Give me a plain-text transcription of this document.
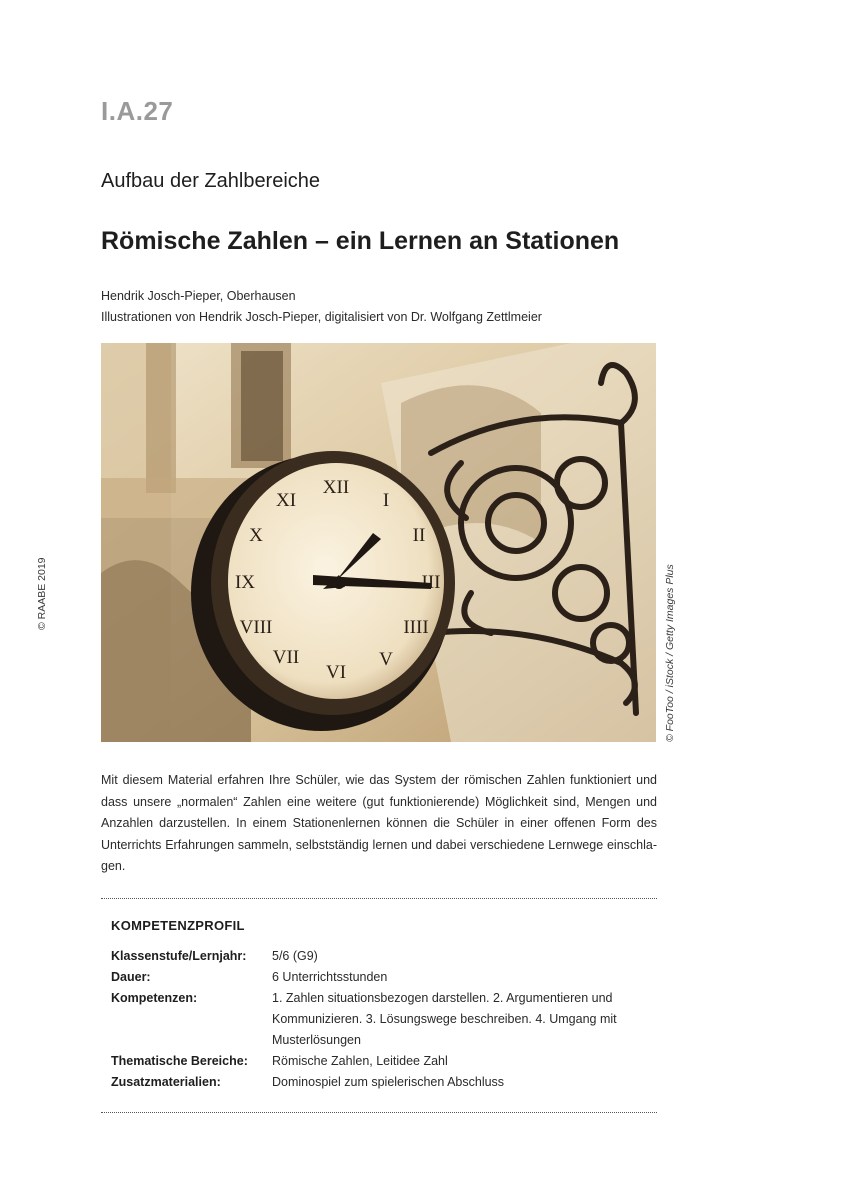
I.A.27
Aufbau der Zahlbereiche
Römische Zahlen – ein Lernen an Stationen
Hendrik Josch-Pieper, Oberhausen
Illustrationen von Hendrik Josch-Pieper, digitalisiert von Dr. Wolfgang Zettlmeier
© RAABE 2019
XII
I
II
III
IIII
V
VI
VII
VIII
IX
X
XI
© FooToo / iStock / Getty Images Plus
Mit diesem Material erfahren Ihre Schüler, wie das System der römischen Zahlen funktioniert und dass unsere „normalen“ Zahlen eine weitere (gut funktionierende) Möglichkeit sind, Mengen und Anzahlen darzustellen. In einem Stationenlernen können die Schüler in einer offenen Form des Unterrichts Erfahrungen sammeln, selbstständig lernen und dabei verschiedene Lernwege einschla-gen.
KOMPETENZPROFIL
Klassenstufe/Lernjahr:	5/6 (G9)
Dauer:	6 Unterrichtsstunden
Kompetenzen:	1. Zahlen situationsbezogen darstellen. 2. Argumentieren und Kommunizieren. 3. Lösungswege beschreiben. 4. Umgang mit Musterlösungen
Thematische Bereiche:	Römische Zahlen, Leitidee Zahl
Zusatzmaterialien:	Dominospiel zum spielerischen Abschluss
